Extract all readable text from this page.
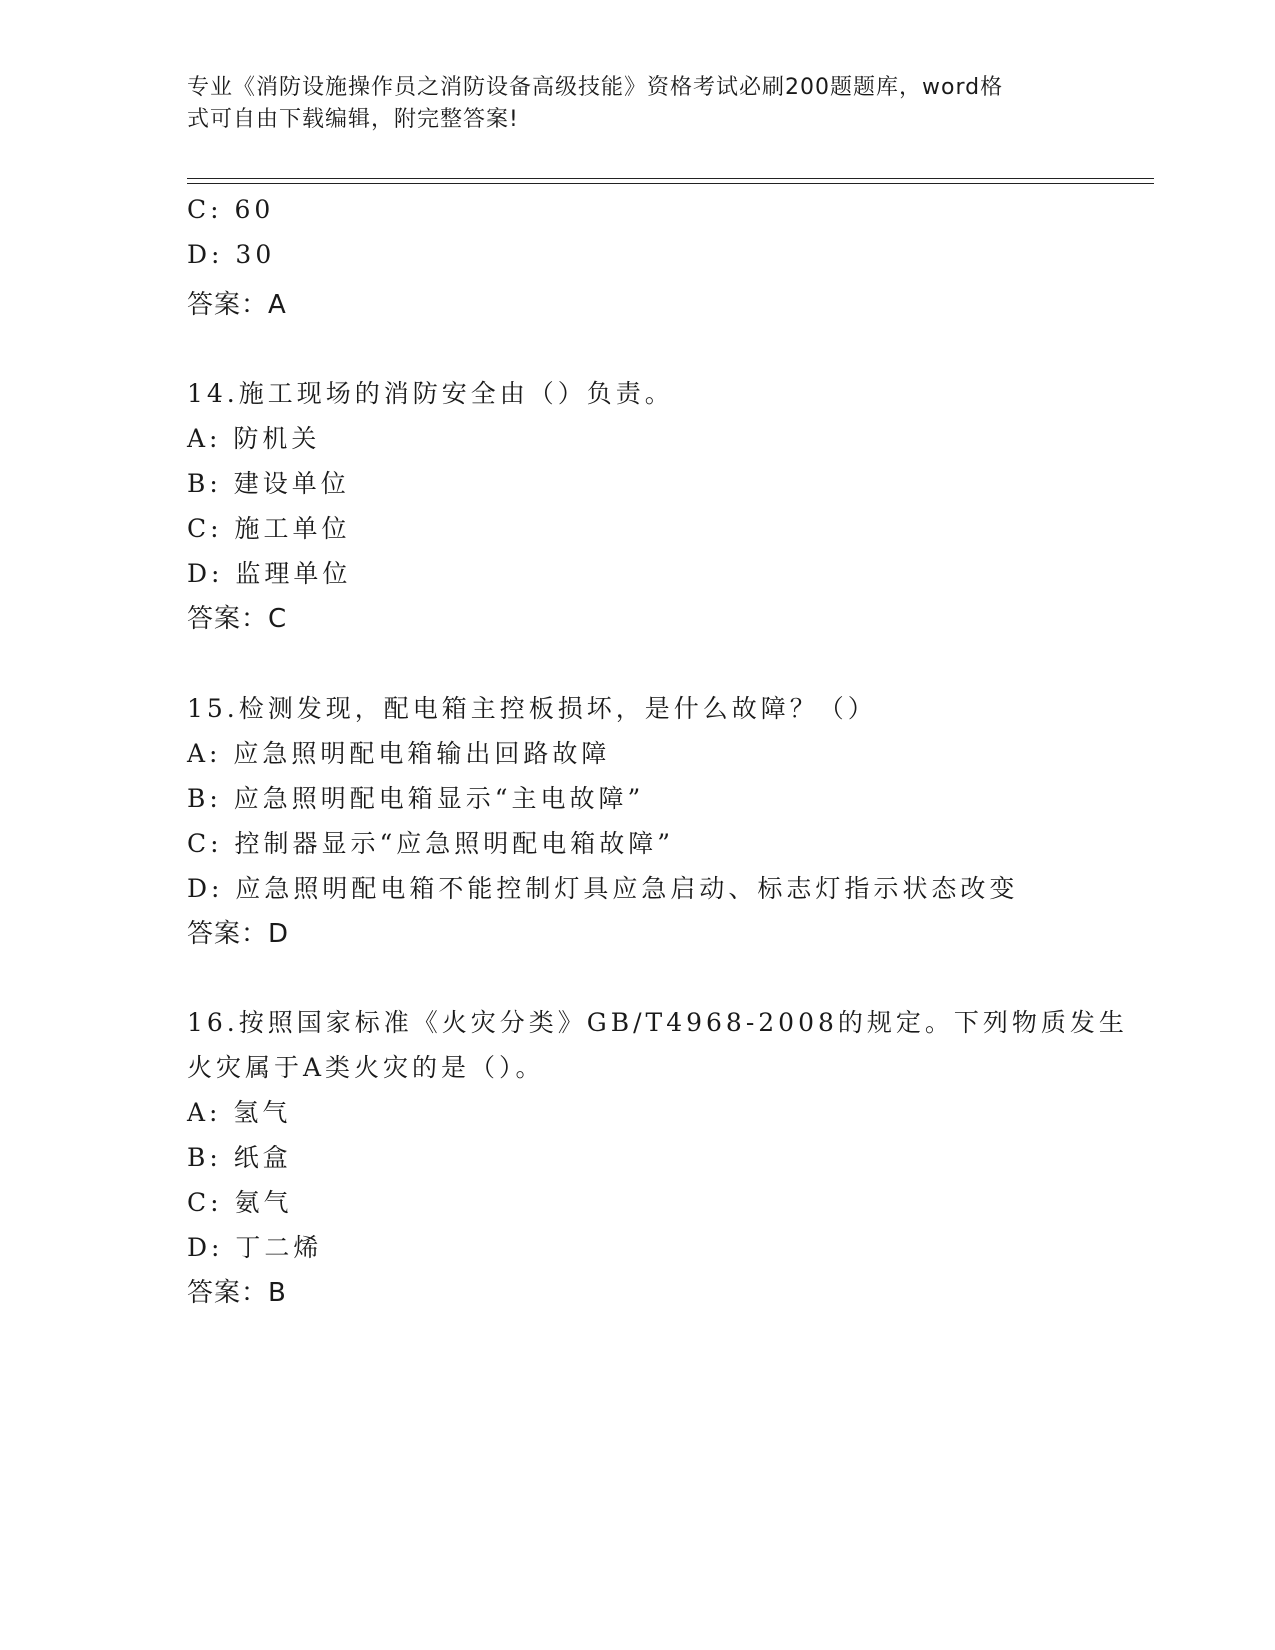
专业《消防设施操作员之消防设备高级技能》资格考试必刷200题题库，word格
式可自由下载编辑，附完整答案!
C: 60
D: 30
答案：A
14.施工现场的消防安全由（）负责。
A: 防机关
B: 建设单位
C: 施工单位
D: 监理单位
答案：C
15.检测发现，配电箱主控板损坏，是什么故障？（）
A: 应急照明配电箱输出回路故障
B: 应急照明配电箱显示“主电故障”
C: 控制器显示“应急照明配电箱故障”
D: 应急照明配电箱不能控制灯具应急启动、标志灯指示状态改变
答案：D
16.按照国家标准《火灾分类》GB/T4968-2008的规定。下列物质发生
火灾属于A类火灾的是（）。
A: 氢气
B: 纸盒
C: 氨气
D: 丁二烯
答案：B
